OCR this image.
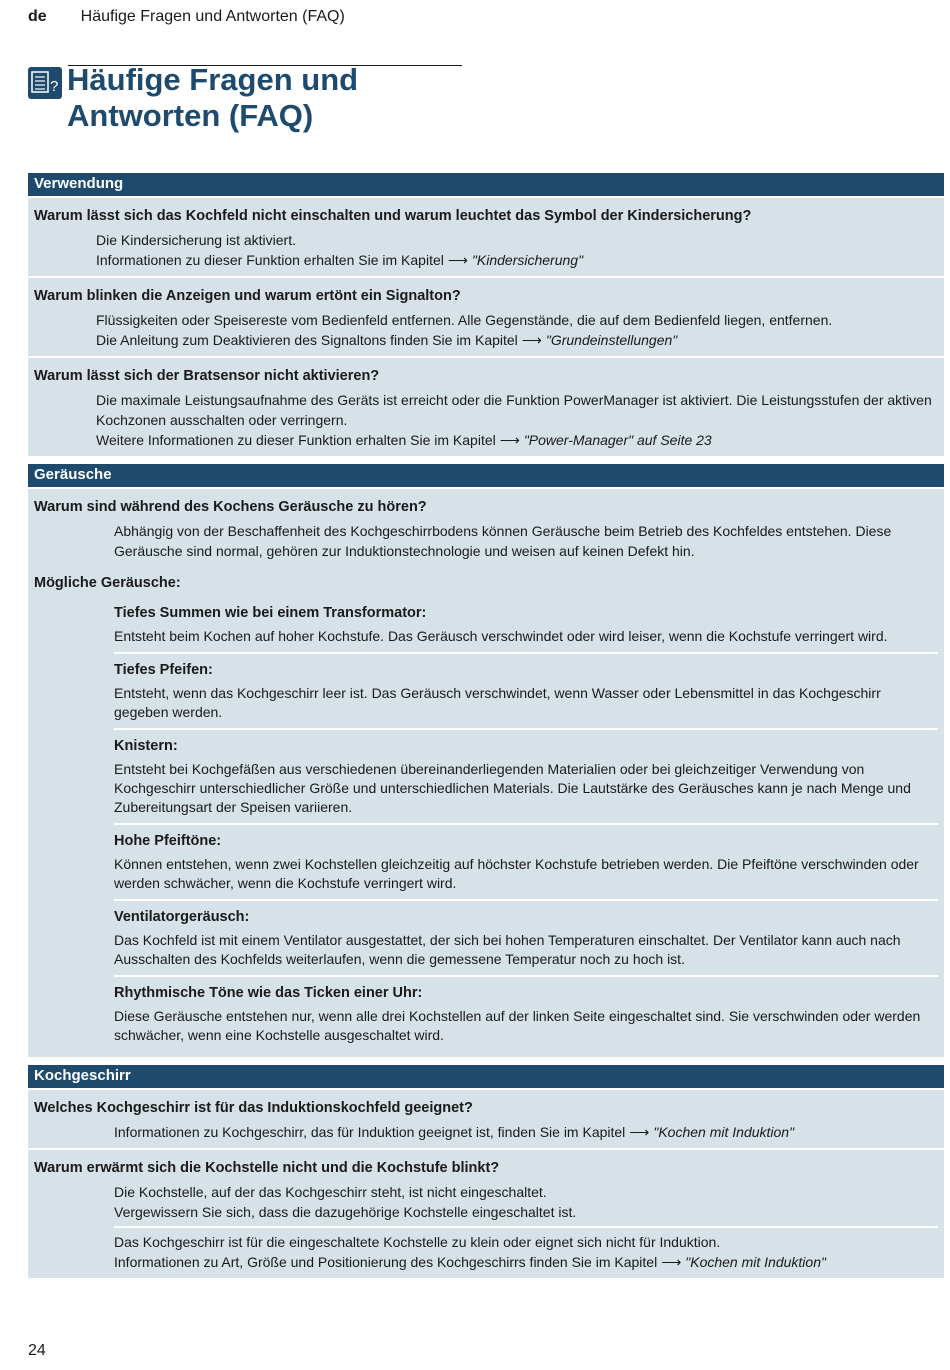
de Häufige Fragen und Antworten (FAQ)
? Häufige Fragen und
Antworten (FAQ)
Verwendung
Warum lässt sich das Kochfeld nicht einschalten und warum leuchtet das Symbol der Kindersicherung?
Die Kindersicherung ist aktiviert.
Informationen zu dieser Funktion erhalten Sie im Kapitel ⟶ "Kindersicherung"
Warum blinken die Anzeigen und warum ertönt ein Signalton?
Flüssigkeiten oder Speisereste vom Bedienfeld entfernen. Alle Gegenstände, die auf dem Bedienfeld liegen, entfernen.
Die Anleitung zum Deaktivieren des Signaltons finden Sie im Kapitel ⟶ "Grundeinstellungen"
Warum lässt sich der Bratsensor nicht aktivieren?
Die maximale Leistungsaufnahme des Geräts ist erreicht oder die Funktion PowerManager ist aktiviert. Die Leistungsstufen der aktiven Kochzonen ausschalten oder verringern.
Weitere Informationen zu dieser Funktion erhalten Sie im Kapitel ⟶ "Power-Manager" auf Seite 23
Geräusche
Warum sind während des Kochens Geräusche zu hören?
Abhängig von der Beschaffenheit des Kochgeschirrbodens können Geräusche beim Betrieb des Kochfeldes entstehen. Diese Geräusche sind normal, gehören zur Induktionstechnologie und weisen auf keinen Defekt hin.
Mögliche Geräusche:
Tiefes Summen wie bei einem Transformator:
Entsteht beim Kochen auf hoher Kochstufe. Das Geräusch verschwindet oder wird leiser, wenn die Kochstufe verringert wird.
Tiefes Pfeifen:
Entsteht, wenn das Kochgeschirr leer ist. Das Geräusch verschwindet, wenn Wasser oder Lebensmittel in das Kochgeschirr gegeben werden.
Knistern:
Entsteht bei Kochgefäßen aus verschiedenen übereinanderliegenden Materialien oder bei gleichzeitiger Verwendung von Kochgeschirr unterschiedlicher Größe und unterschiedlichen Materials. Die Lautstärke des Geräusches kann je nach Menge und Zubereitungsart der Speisen variieren.
Hohe Pfeiftöne:
Können entstehen, wenn zwei Kochstellen gleichzeitig auf höchster Kochstufe betrieben werden. Die Pfeiftöne verschwinden oder werden schwächer, wenn die Kochstufe verringert wird.
Ventilatorgeräusch:
Das Kochfeld ist mit einem Ventilator ausgestattet, der sich bei hohen Temperaturen einschaltet. Der Ventilator kann auch nach Ausschalten des Kochfelds weiterlaufen, wenn die gemessene Temperatur noch zu hoch ist.
Rhythmische Töne wie das Ticken einer Uhr:
Diese Geräusche entstehen nur, wenn alle drei Kochstellen auf der linken Seite eingeschaltet sind. Sie verschwinden oder werden schwächer, wenn eine Kochstelle ausgeschaltet wird.
Kochgeschirr
Welches Kochgeschirr ist für das Induktionskochfeld geeignet?
Informationen zu Kochgeschirr, das für Induktion geeignet ist, finden Sie im Kapitel ⟶ "Kochen mit Induktion"
Warum erwärmt sich die Kochstelle nicht und die Kochstufe blinkt?
Die Kochstelle, auf der das Kochgeschirr steht, ist nicht eingeschaltet.
Vergewissern Sie sich, dass die dazugehörige Kochstelle eingeschaltet ist.
Das Kochgeschirr ist für die eingeschaltete Kochstelle zu klein oder eignet sich nicht für Induktion.
Informationen zu Art, Größe und Positionierung des Kochgeschirrs finden Sie im Kapitel ⟶ "Kochen mit Induktion"
24
